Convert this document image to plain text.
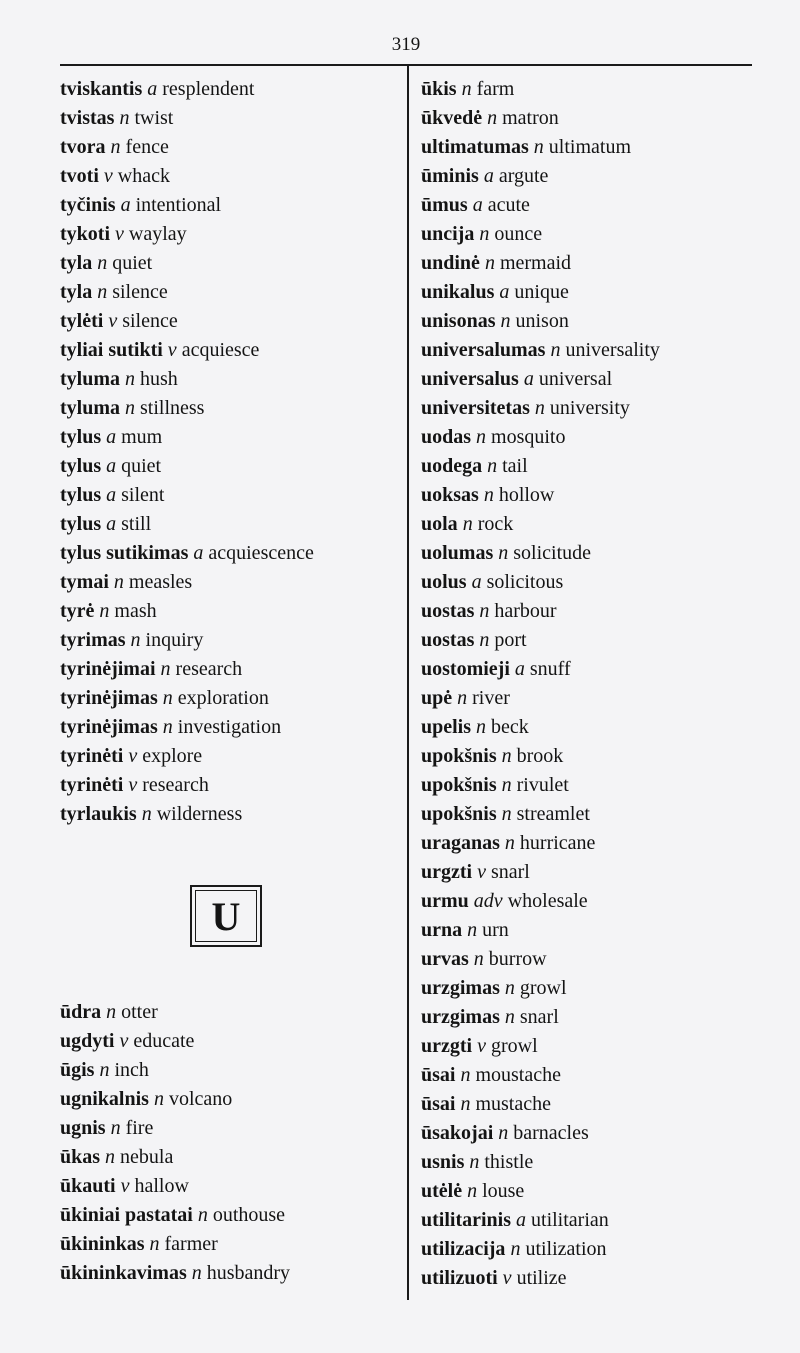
319
tviskantis a resplendent
tvistas n twist
tvora n fence
tvoti v whack
tyčinis a intentional
tykoti v waylay
tyla n quiet
tyla n silence
tylėti v silence
tyliai sutikti v acquiesce
tyluma n hush
tyluma n stillness
tylus a mum
tylus a quiet
tylus a silent
tylus a still
tylus sutikimas a acquiescence
tymai n measles
tyrė n mash
tyrimas n inquiry
tyrinėjimai n research
tyrinėjimas n exploration
tyrinėjimas n investigation
tyrinėti v explore
tyrinėti v research
tyrlaukis n wilderness
U
ūdra n otter
ugdyti v educate
ūgis n inch
ugnikalnis n volcano
ugnis n fire
ūkas n nebula
ūkauti v hallow
ūkiniai pastatai n outhouse
ūkininkas n farmer
ūkininkavimas n husbandry
ūkis n farm
ūkvedė n matron
ultimatumas n ultimatum
ūminis a argute
ūmus a acute
uncija n ounce
undinė n mermaid
unikalus a unique
unisonas n unison
universalumas n universality
universalus a universal
universitetas n university
uodas n mosquito
uodega n tail
uoksas n hollow
uola n rock
uolumas n solicitude
uolus a solicitous
uostas n harbour
uostas n port
uostomieji a snuff
upė n river
upelis n beck
upokšnis n brook
upokšnis n rivulet
upokšnis n streamlet
uraganas n hurricane
urgzti v snarl
urmu adv wholesale
urna n urn
urvas n burrow
urzgimas n growl
urzgimas n snarl
urzgti v growl
ūsai n moustache
ūsai n mustache
ūsakojai n barnacles
usnis n thistle
utėlė n louse
utilitarinis a utilitarian
utilizacija n utilization
utilizuoti v utilize
